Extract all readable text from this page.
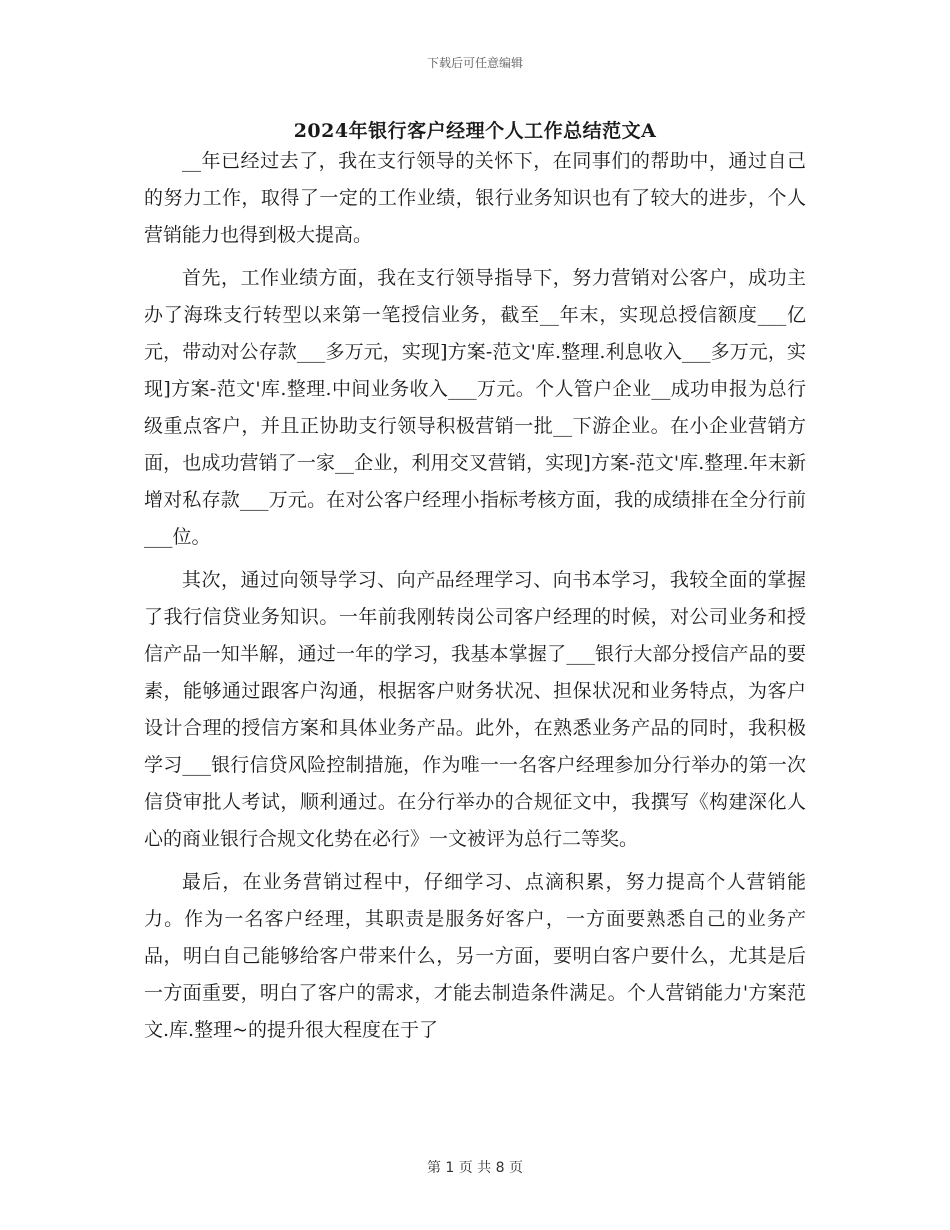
下载后可任意编辑
2024年银行客户经理个人工作总结范文A

__年已经过去了，我在支行领导的关怀下，在同事们的帮助中，通过自己的努力工作，取得了一定的工作业绩，银行业务知识也有了较大的进步，个人营销能力也得到极大提高。

首先，工作业绩方面，我在支行领导指导下，努力营销对公客户，成功主办了海珠支行转型以来第一笔授信业务，截至__年末，实现总授信额度___亿元，带动对公存款___多万元，实现]方案-范文'库.整理.利息收入___多万元，实现]方案-范文'库.整理.中间业务收入___万元。个人管户企业__成功申报为总行级重点客户，并且正协助支行领导积极营销一批__下游企业。在小企业营销方面，也成功营销了一家__企业，利用交叉营销，实现]方案-范文'库.整理.年末新增对私存款___万元。在对公客户经理小指标考核方面，我的成绩排在全分行前___位。

其次，通过向领导学习、向产品经理学习、向书本学习，我较全面的掌握了我行信贷业务知识。一年前我刚转岗公司客户经理的时候，对公司业务和授信产品一知半解，通过一年的学习，我基本掌握了___银行大部分授信产品的要素，能够通过跟客户沟通，根据客户财务状况、担保状况和业务特点，为客户设计合理的授信方案和具体业务产品。此外，在熟悉业务产品的同时，我积极学习___银行信贷风险控制措施，作为唯一一名客户经理参加分行举办的第一次信贷审批人考试，顺利通过。在分行举办的合规征文中，我撰写《构建深化人心的商业银行合规文化势在必行》一文被评为总行二等奖。

最后，在业务营销过程中，仔细学习、点滴积累，努力提高个人营销能力。作为一名客户经理，其职责是服务好客户，一方面要熟悉自己的业务产品，明白自己能够给客户带来什么，另一方面，要明白客户要什么，尤其是后一方面重要，明白了客户的需求，才能去制造条件满足。个人营销能力'方案范文.库.整理~的提升很大程度在于了

第 1 页 共 8 页
